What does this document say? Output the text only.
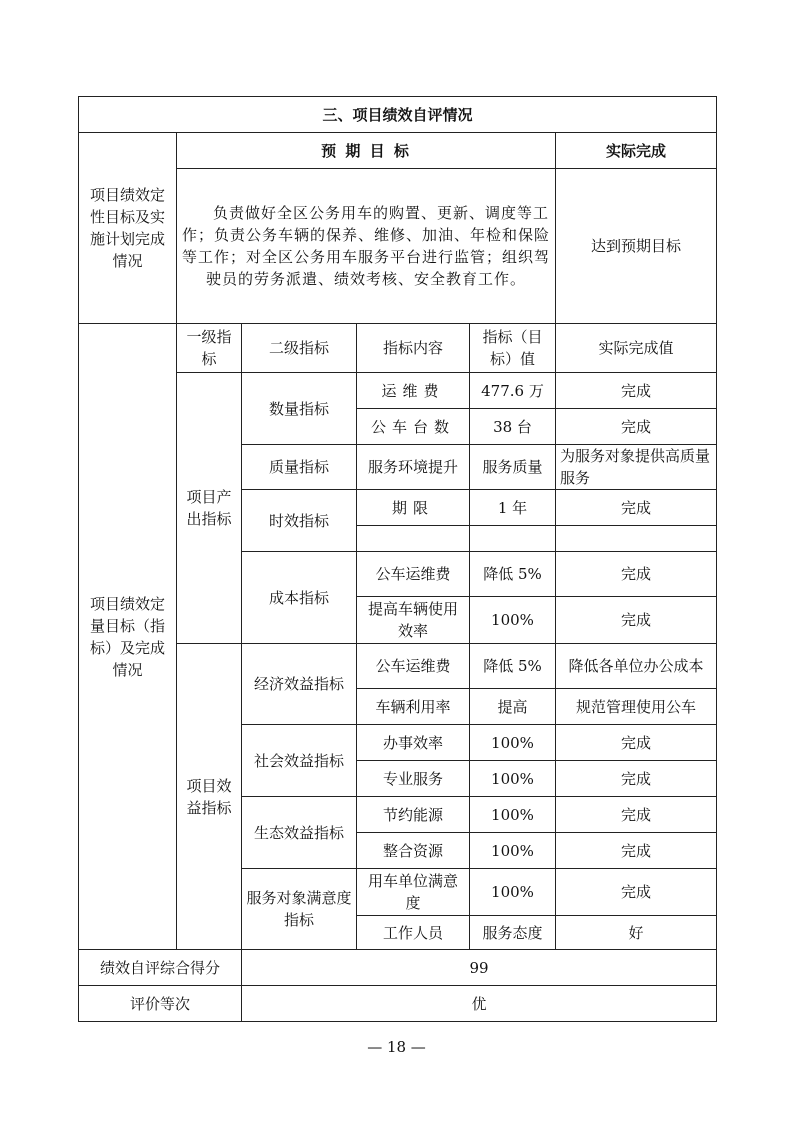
三、项目绩效自评情况					
项目绩效定性目标及实施计划完成情况	预 期 目 标				实际完成
	负责做好全区公务用车的购置、更新、调度等工作；负责公务车辆的保养、维修、加油、年检和保险等工作；对全区公务用车服务平台进行监管；组织驾驶员的劳务派遣、绩效考核、安全教育工作。				达到预期目标
项目绩效定量目标（指标）及完成情况	一级指标	二级指标	指标内容	指标（目标）值	实际完成值
	项目产出指标	数量指标	运维费	477.6 万	完成
			公车台数	38 台	完成
		质量指标	服务环境提升	服务质量	为服务对象提供高质量服务
		时效指标	期限	1 年	完成

		成本指标	公车运维费	降低 5%	完成
			提高车辆使用效率	100%	完成
	项目效益指标	经济效益指标	公车运维费	降低 5%	降低各单位办公成本
			车辆利用率	提高	规范管理使用公车
		社会效益指标	办事效率	100%	完成
			专业服务	100%	完成
		生态效益指标	节约能源	100%	完成
			整合资源	100%	完成
		服务对象满意度指标	用车单位满意度	100%	完成
			工作人员	服务态度	好
绩效自评综合得分		99			
评价等次		优			
— 18 —
